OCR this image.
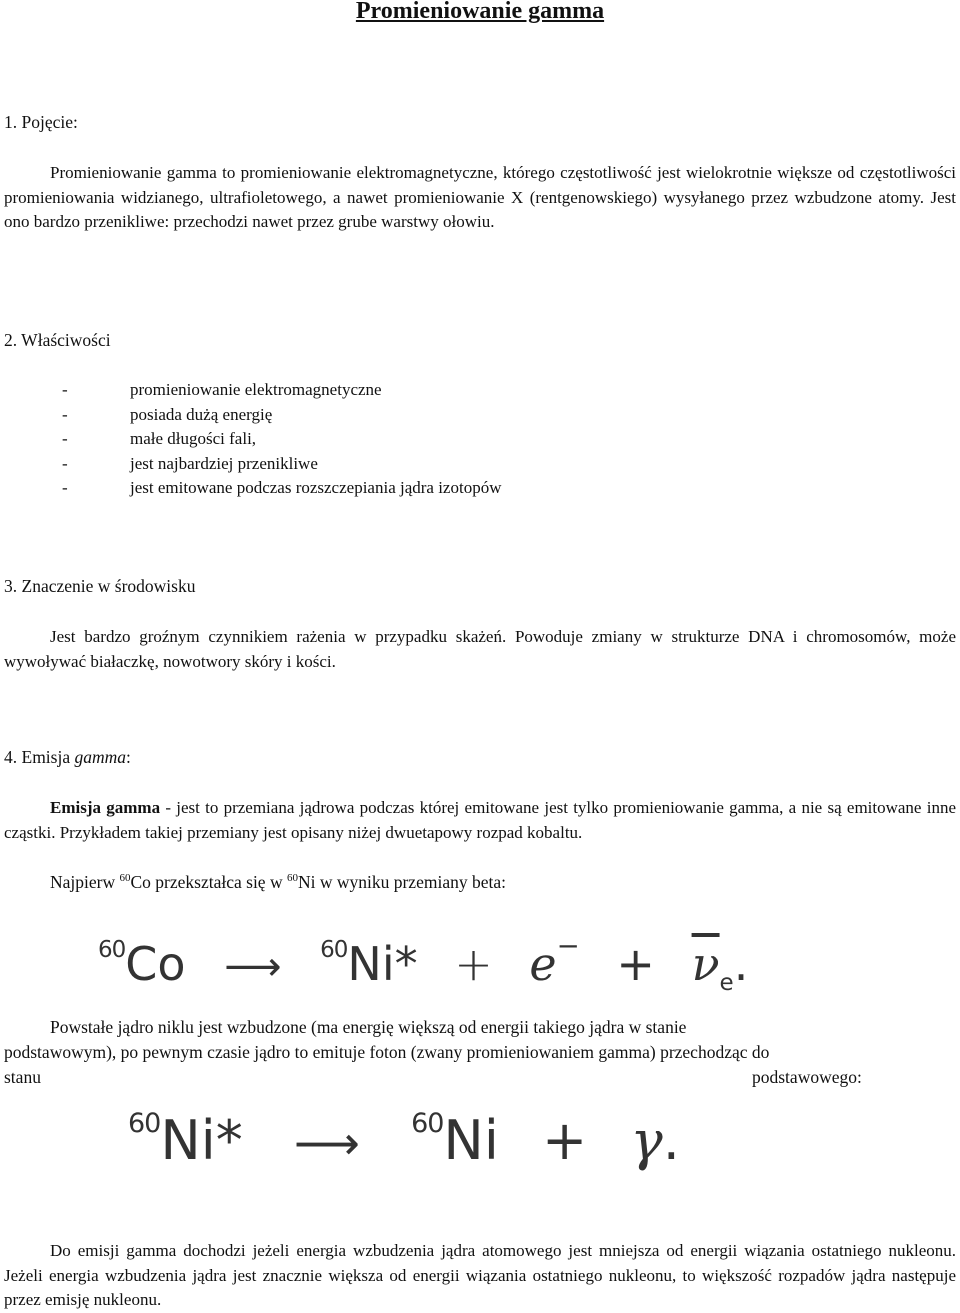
Promieniowanie gamma
1. Pojęcie:
Promieniowanie gamma to promieniowanie elektromagnetyczne, którego częstotliwość jest wielokrotnie większe od częstotliwości promieniowania widzianego, ultrafioletowego, a nawet promieniowanie X (rentgenowskiego) wysyłanego przez wzbudzone atomy. Jest ono bardzo przenikliwe: przechodzi nawet przez grube warstwy ołowiu.
2. Właściwości
-	promieniowanie elektromagnetyczne
-	posiada dużą energię
-	małe długości fali,
-	jest najbardziej przenikliwe
-	jest emitowane podczas rozszczepiania jądra izotopów
3. Znaczenie w środowisku
Jest bardzo groźnym czynnikiem rażenia w przypadku skażeń. Powoduje zmiany w strukturze DNA i chromosomów, może wywoływać białaczkę, nowotwory skóry i kości.
4. Emisja gamma:
Emisja gamma - jest to przemiana jądrowa podczas której emitowane jest tylko promieniowanie gamma, a nie są emitowane inne cząstki. Przykładem takiej przemiany jest opisany niżej dwuetapowy rozpad kobaltu.
Najpierw $^{60}$Co przekształca się w $^{60}$Ni w wyniku przemiany beta:
$^{60}$Co ⟶ $^{60}Ni* + e^- + \overline{\nu}_e$.
Powstałe jądro niklu jest wzbudzone (ma energię większą od energii takiego jądra w stanie
podstawowym), po pewnym czasie jądro to emituje foton (zwany promieniowaniem gamma) przechodząc do
stanu	podstawowego:
$^{60}$Ni* ⟶ $^{60}$Ni + γ.
Do emisji gamma dochodzi jeżeli energia wzbudzenia jądra atomowego jest mniejsza od energii wiązania ostatniego nukleonu. Jeżeli energia wzbudzenia jądra jest znacznie większa od energii wiązania ostatniego nukleonu, to większość rozpadów jądra następuje przez emisję nukleonu.
